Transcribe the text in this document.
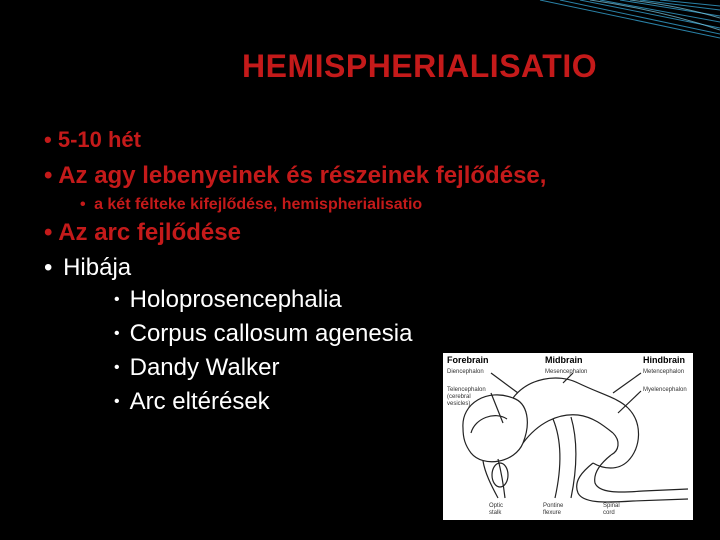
HEMISPHERIALISATIO
• 5-10 hét
• Az agy lebenyeinek és részeinek fejlődése,
• a két félteke kifejlődése, hemispherialisatio
• Az arc fejlődése
• Hibája
• Holoprosencephalia
• Corpus callosum agenesia
• Dandy Walker
• Arc eltérések
Forebrain	Midbrain	Hindbrain
Diencephalon
Telencephalon (cerebral vesicles)
Mesencephalon	Metencephalon
Myelencephalon
Optic stalk
Pontine flexure
Spinal cord
